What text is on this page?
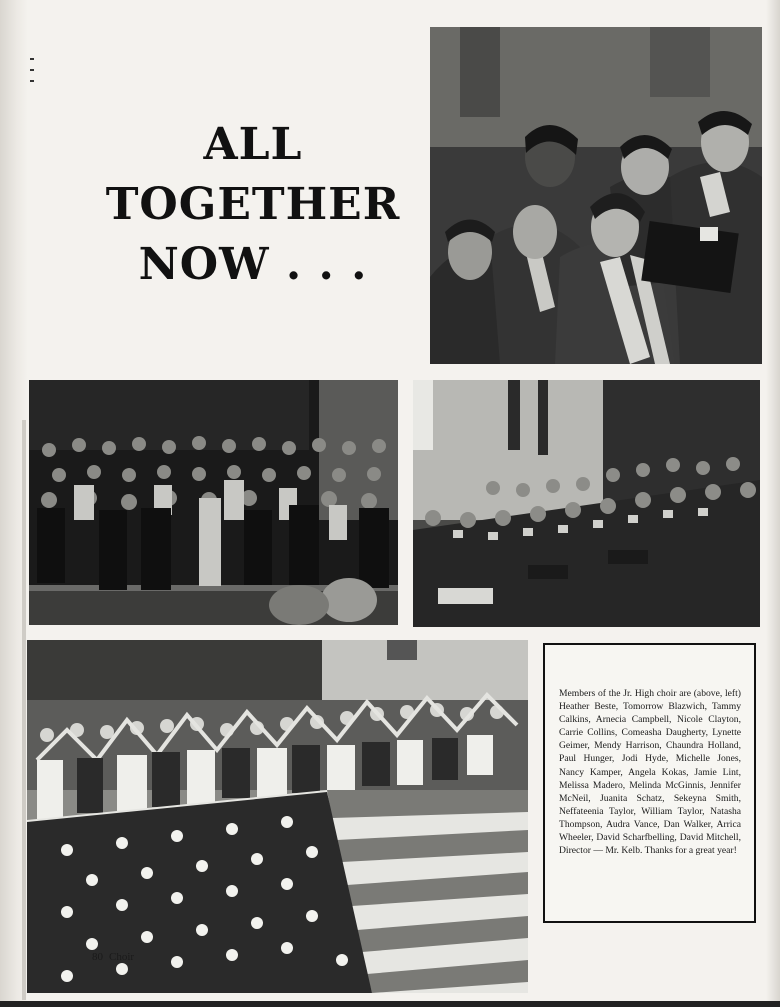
ALL
TOGETHER
NOW . . .
Members of the Jr. High choir are (above, left) Heather Beste, Tomorrow Blazwich, Tammy Calkins, Arnecia Campbell, Nicole Clayton, Carrie Collins, Comeasha Daugherty, Lynette Geimer, Mendy Harrison, Chaundra Holland, Paul Hunger, Jodi Hyde, Michelle Jones, Nancy Kamper, Angela Kokas, Jamie Lint, Melissa Madero, Melinda McGinnis, Jennifer McNeil, Juanita Schatz, Sekeyna Smith, Neffateenia Taylor, William Taylor, Natasha Thompson, Audra Vance, Dan Walker, Arrica Wheeler, David Scharfbelling, David Mitchell, Director — Mr. Kelb. Thanks for a great year!
80 Choir
